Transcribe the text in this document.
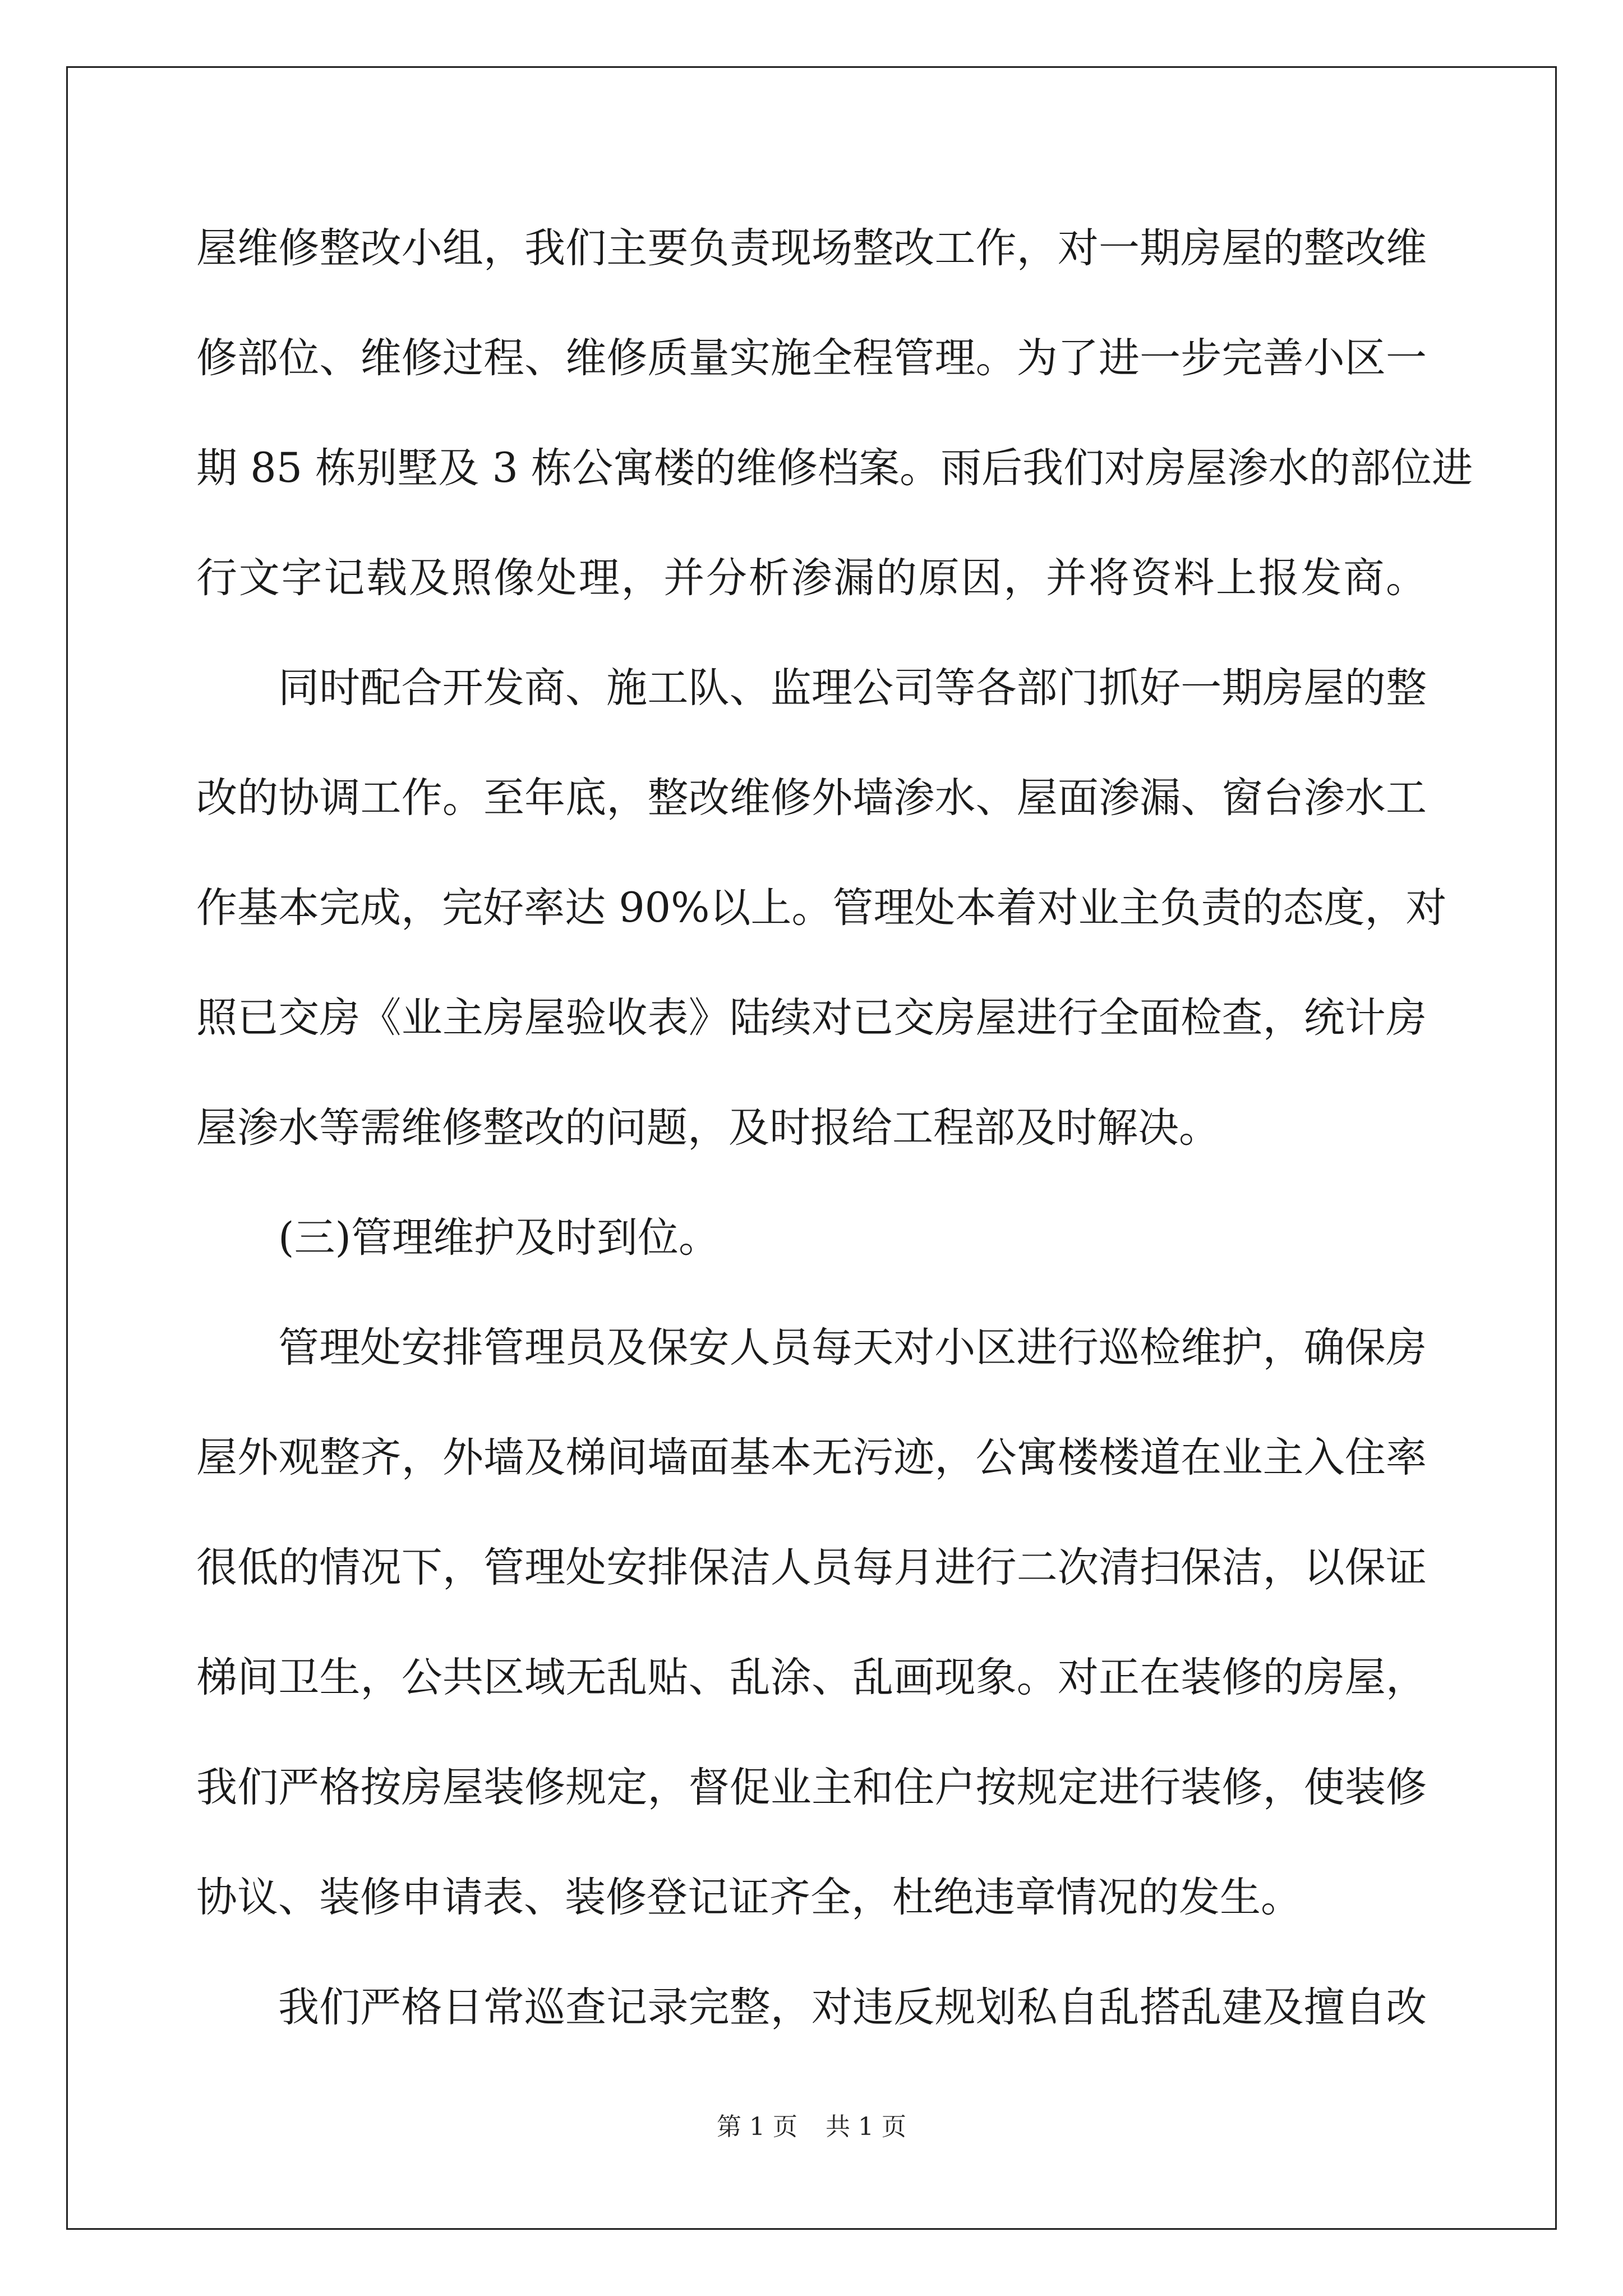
屋维修整改小组，我们主要负责现场整改工作，对一期房屋的整改维
修部位、维修过程、维修质量实施全程管理。为了进一步完善小区一
期 85 栋别墅及 3 栋公寓楼的维修档案。雨后我们对房屋渗水的部位进
行文字记载及照像处理，并分析渗漏的原因，并将资料上报发商。
同时配合开发商、施工队、监理公司等各部门抓好一期房屋的整
改的协调工作。至年底，整改维修外墙渗水、屋面渗漏、窗台渗水工
作基本完成，完好率达 90%以上。管理处本着对业主负责的态度，对
照已交房《业主房屋验收表》陆续对已交房屋进行全面检查，统计房
屋渗水等需维修整改的问题，及时报给工程部及时解决。
(三)管理维护及时到位。
管理处安排管理员及保安人员每天对小区进行巡检维护，确保房
屋外观整齐，外墙及梯间墙面基本无污迹，公寓楼楼道在业主入住率
很低的情况下，管理处安排保洁人员每月进行二次清扫保洁，以保证
梯间卫生，公共区域无乱贴、乱涂、乱画现象。对正在装修的房屋，
我们严格按房屋装修规定，督促业主和住户按规定进行装修，使装修
协议、装修申请表、装修登记证齐全，杜绝违章情况的发生。
我们严格日常巡查记录完整，对违反规划私自乱搭乱建及擅自改
第 1 页 共 1 页
